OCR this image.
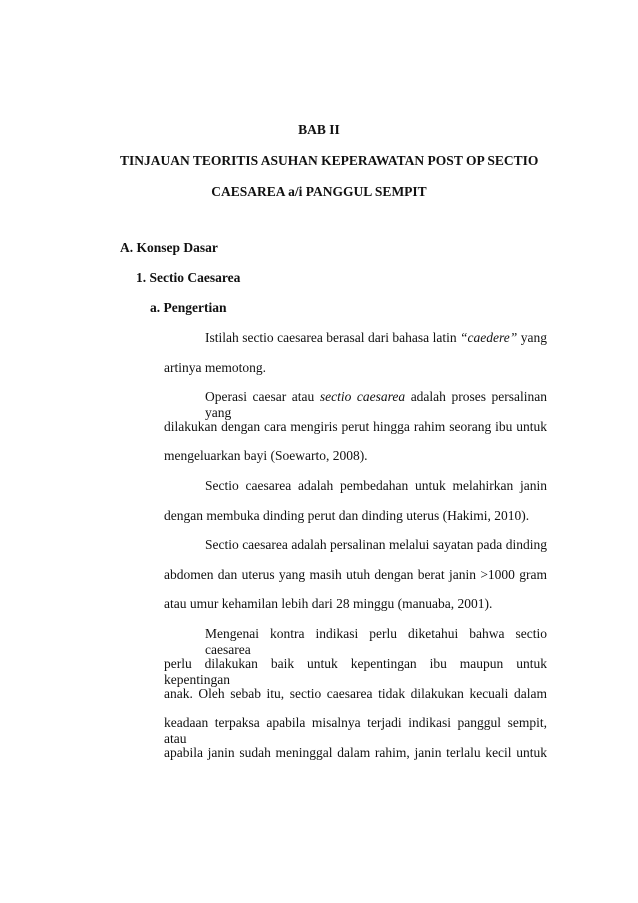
BAB II
TINJAUAN TEORITIS ASUHAN KEPERAWATAN POST OP SECTIO
CAESAREA a/i PANGGUL SEMPIT
A. Konsep Dasar
1. Sectio Caesarea
a. Pengertian
Istilah sectio caesarea berasal dari bahasa latin “caedere” yang
artinya memotong.
Operasi caesar atau sectio caesarea adalah proses persalinan yang
dilakukan dengan cara mengiris perut hingga rahim seorang ibu untuk
mengeluarkan bayi (Soewarto, 2008).
Sectio caesarea adalah pembedahan untuk melahirkan janin
dengan membuka dinding perut dan dinding uterus (Hakimi, 2010).
Sectio caesarea adalah persalinan melalui sayatan pada dinding
abdomen dan uterus yang masih utuh dengan berat janin >1000 gram
atau umur kehamilan lebih dari 28 minggu (manuaba, 2001).
Mengenai kontra indikasi perlu diketahui bahwa sectio caesarea
perlu dilakukan baik untuk kepentingan ibu maupun untuk kepentingan
anak. Oleh sebab itu, sectio caesarea tidak dilakukan kecuali dalam
keadaan terpaksa apabila misalnya terjadi indikasi panggul sempit, atau
apabila janin sudah meninggal dalam rahim, janin terlalu kecil untuk
